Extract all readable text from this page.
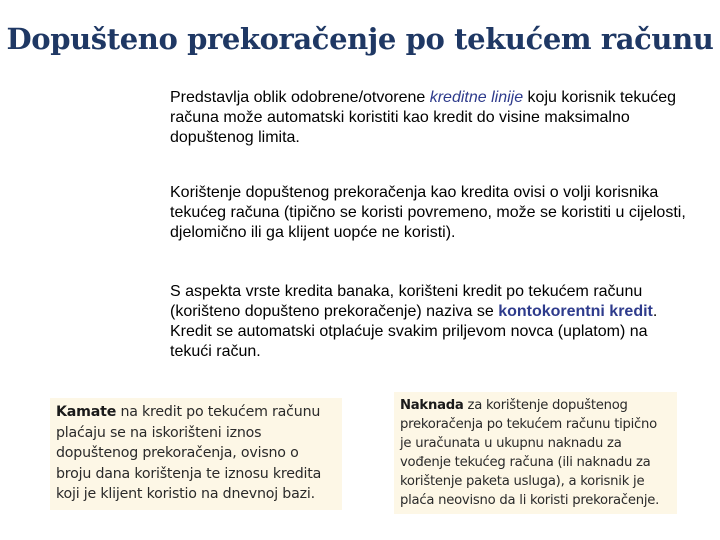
Dopušteno prekoračenje po tekućem računu

Predstavlja oblik odobrene/otvorene kreditne linije koju korisnik tekućeg računa može automatski koristiti kao kredit do visine maksimalno dopuštenog limita.

Korištenje dopuštenog prekoračenja kao kredita ovisi o volji korisnika tekućeg računa (tipično se koristi povremeno, može se koristiti u cijelosti, djelomično ili ga klijent uopće ne koristi).

S aspekta vrste kredita banaka, korišteni kredit po tekućem računu (korišteno dopušteno prekoračenje) naziva se kontokorentni kredit. Kredit se automatski otplaćuje svakim priljevom novca (uplatom) na tekući račun.

Kamate na kredit po tekućem računu plaćaju se na iskorišteni iznos dopuštenog prekoračenja, ovisno o broju dana korištenja te iznosu kredita koji je klijent koristio na dnevnoj bazi.
Naknada za korištenje dopuštenog prekoračenja po tekućem računu tipično je uračunata u ukupnu naknadu za vođenje tekućeg računa (ili naknadu za korištenje paketa usluga), a korisnik je plaća neovisno da li koristi prekoračenje.
